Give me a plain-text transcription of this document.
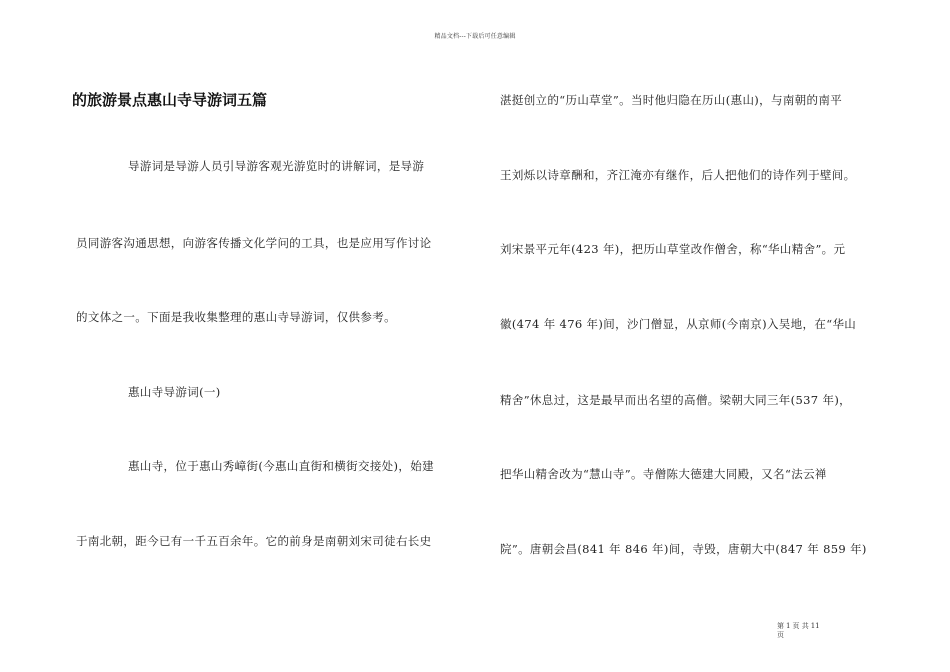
精品文档---下载后可任意编辑
的旅游景点惠山寺导游词五篇
导游词是导游人员引导游客观光游览时的讲解词，是导游
员同游客沟通思想，向游客传播文化学问的工具，也是应用写作讨论
的文体之一。下面是我收集整理的惠山寺导游词，仅供参考。
惠山寺导游词(一)
惠山寺，位于惠山秀嶂街(今惠山直街和横街交接处)，始建
于南北朝，距今已有一千五百余年。它的前身是南朝刘宋司徒右长史
湛挺创立的“历山草堂”。当时他归隐在历山(惠山)，与南朝的南平
王刘烁以诗章酬和，齐江淹亦有继作，后人把他们的诗作列于壁间。
刘宋景平元年(423 年)，把历山草堂改作僧舍，称“华山精舍”。元
徽(474 年 476 年)间，沙门僧显，从京师(今南京)入吴地，在“华山
精舍”休息过，这是最早而出名望的高僧。梁朝大同三年(537 年)，
把华山精舍改为“慧山寺”。寺僧陈大德建大同殿，又名“法云禅
院”。唐朝会昌(841 年 846 年)间，寺毁，唐朝大中(847 年 859 年)
第 1 页 共 11
页
